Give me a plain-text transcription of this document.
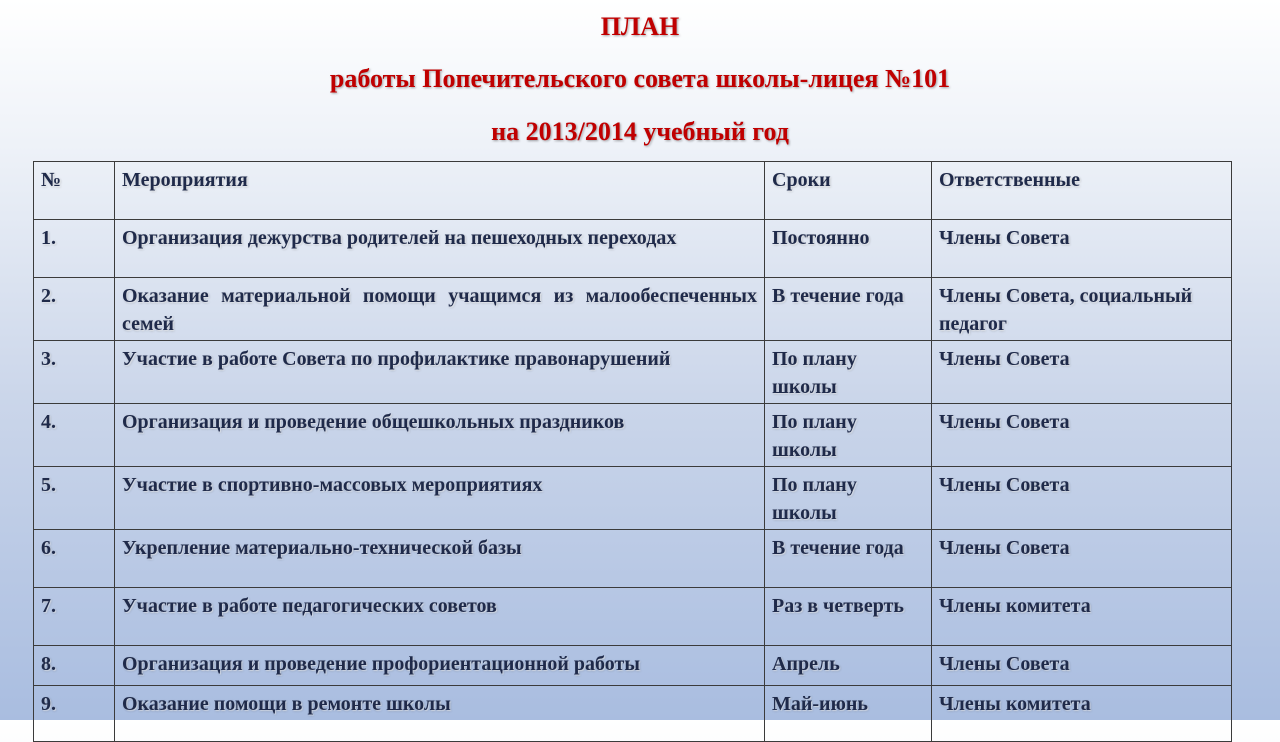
ПЛАН
работы Попечительского совета школы-лицея №101
на 2013/2014 учебный год
№	Мероприятия	Сроки	Ответственные
1.	Организация дежурства родителей на пешеходных переходах	Постоянно	Члены Совета
2.	Оказание материальной помощи учащимся из малообеспеченных семей	В течение года	Члены Совета, социальный педагог
3.	Участие в работе Совета по профилактике правонарушений	По плану школы	Члены Совета
4.	Организация и проведение общешкольных праздников	По плану школы	Члены Совета
5.	Участие в спортивно-массовых мероприятиях	По плану школы	Члены Совета
6.	Укрепление материально-технической базы	В течение года	Члены Совета
7.	Участие в работе педагогических советов	Раз в четверть	Члены комитета
8.	Организация и проведение профориентационной работы	Апрель	Члены Совета
9.	Оказание помощи в ремонте школы	Май-июнь	Члены комитета
